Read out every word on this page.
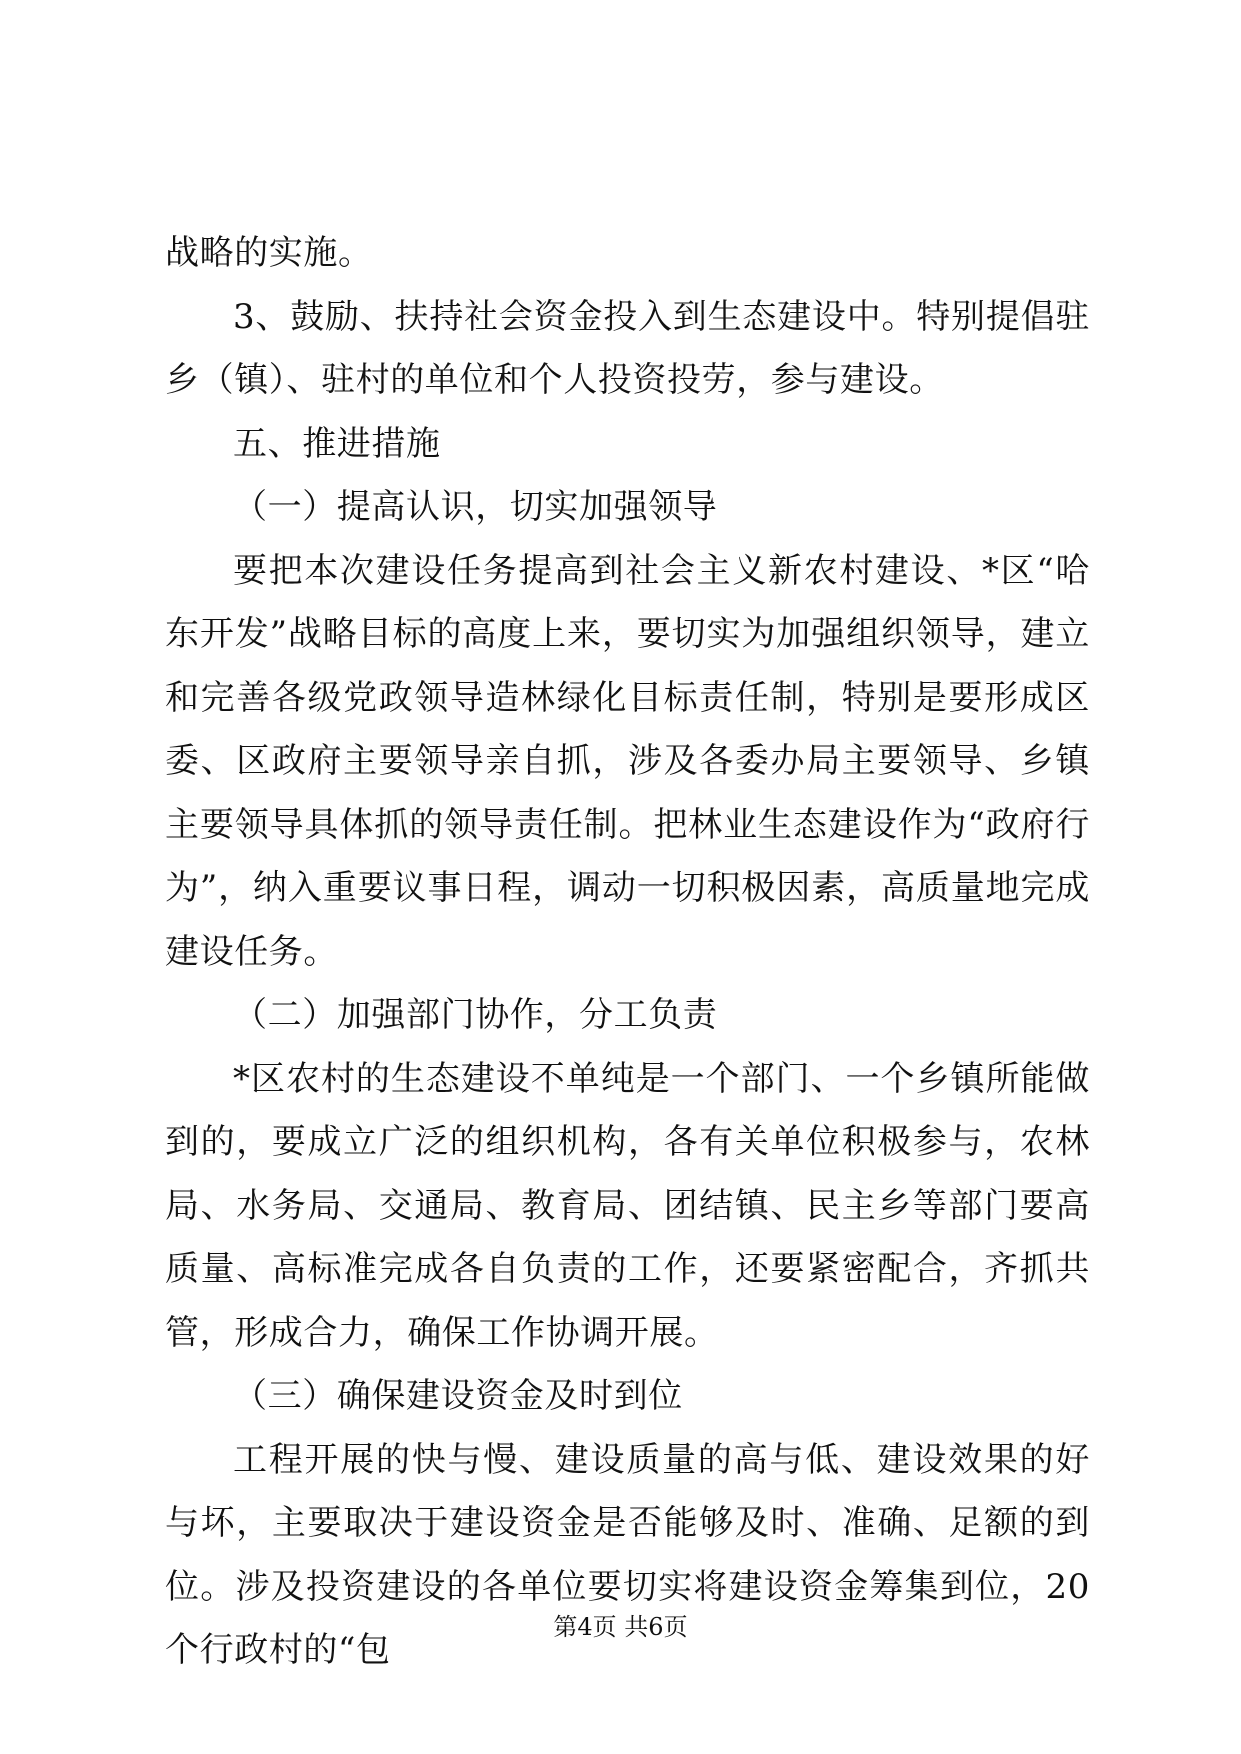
战略的实施。

3、鼓励、扶持社会资金投入到生态建设中。特别提倡驻乡（镇）、驻村的单位和个人投资投劳，参与建设。

五、推进措施

（一）提高认识，切实加强领导

要把本次建设任务提高到社会主义新农村建设、*区“哈东开发”战略目标的高度上来，要切实为加强组织领导，建立和完善各级党政领导造林绿化目标责任制，特别是要形成区委、区政府主要领导亲自抓，涉及各委办局主要领导、乡镇主要领导具体抓的领导责任制。把林业生态建设作为“政府行为”，纳入重要议事日程，调动一切积极因素，高质量地完成建设任务。

（二）加强部门协作，分工负责

*区农村的生态建设不单纯是一个部门、一个乡镇所能做到的，要成立广泛的组织机构，各有关单位积极参与，农林局、水务局、交通局、教育局、团结镇、民主乡等部门要高质量、高标准完成各自负责的工作，还要紧密配合，齐抓共管，形成合力，确保工作协调开展。

（三）确保建设资金及时到位

工程开展的快与慢、建设质量的高与低、建设效果的好与坏，主要取决于建设资金是否能够及时、准确、足额的到位。涉及投资建设的各单位要切实将建设资金筹集到位，20个行政村的“包

第4页 共6页
